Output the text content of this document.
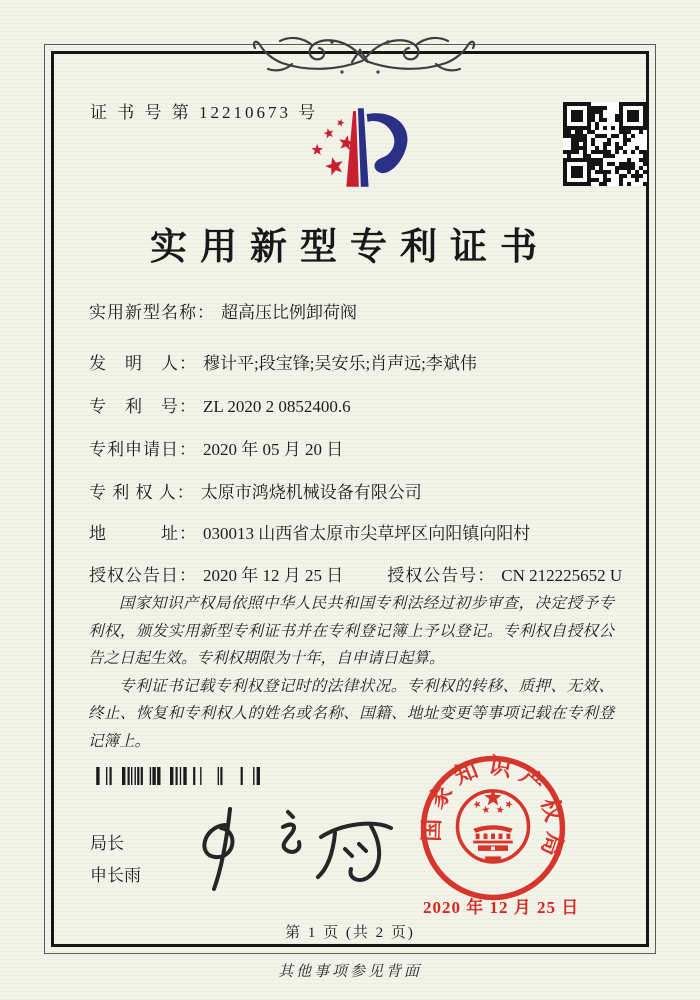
证 书 号 第 12210673 号
实用新型专利证书
实用新型名称： 超高压比例卸荷阀
发　明　人： 穆计平;段宝锋;吴安乐;肖声远;李斌伟
专　利　号： ZL 2020 2 0852400.6
专利申请日： 2020 年 05 月 20 日
专 利 权 人： 太原市鸿烧机械设备有限公司
地　　　址： 030013 山西省太原市尖草坪区向阳镇向阳村
授权公告日： 2020 年 12 月 25 日	授权公告号： CN 212225652 U

国家知识产权局依照中华人民共和国专利法经过初步审查，决定授予专利权，颁发实用新型专利证书并在专利登记簿上予以登记。专利权自授权公告之日起生效。专利权期限为十年，自申请日起算。

专利证书记载专利权登记时的法律状况。专利权的转移、质押、无效、终止、恢复和专利权人的姓名或名称、国籍、地址变更等事项记载在专利登记簿上。

局长
申长雨
国家知识产权局
2020 年 12 月 25 日
第 1 页 (共 2 页)
其他事项参见背面
